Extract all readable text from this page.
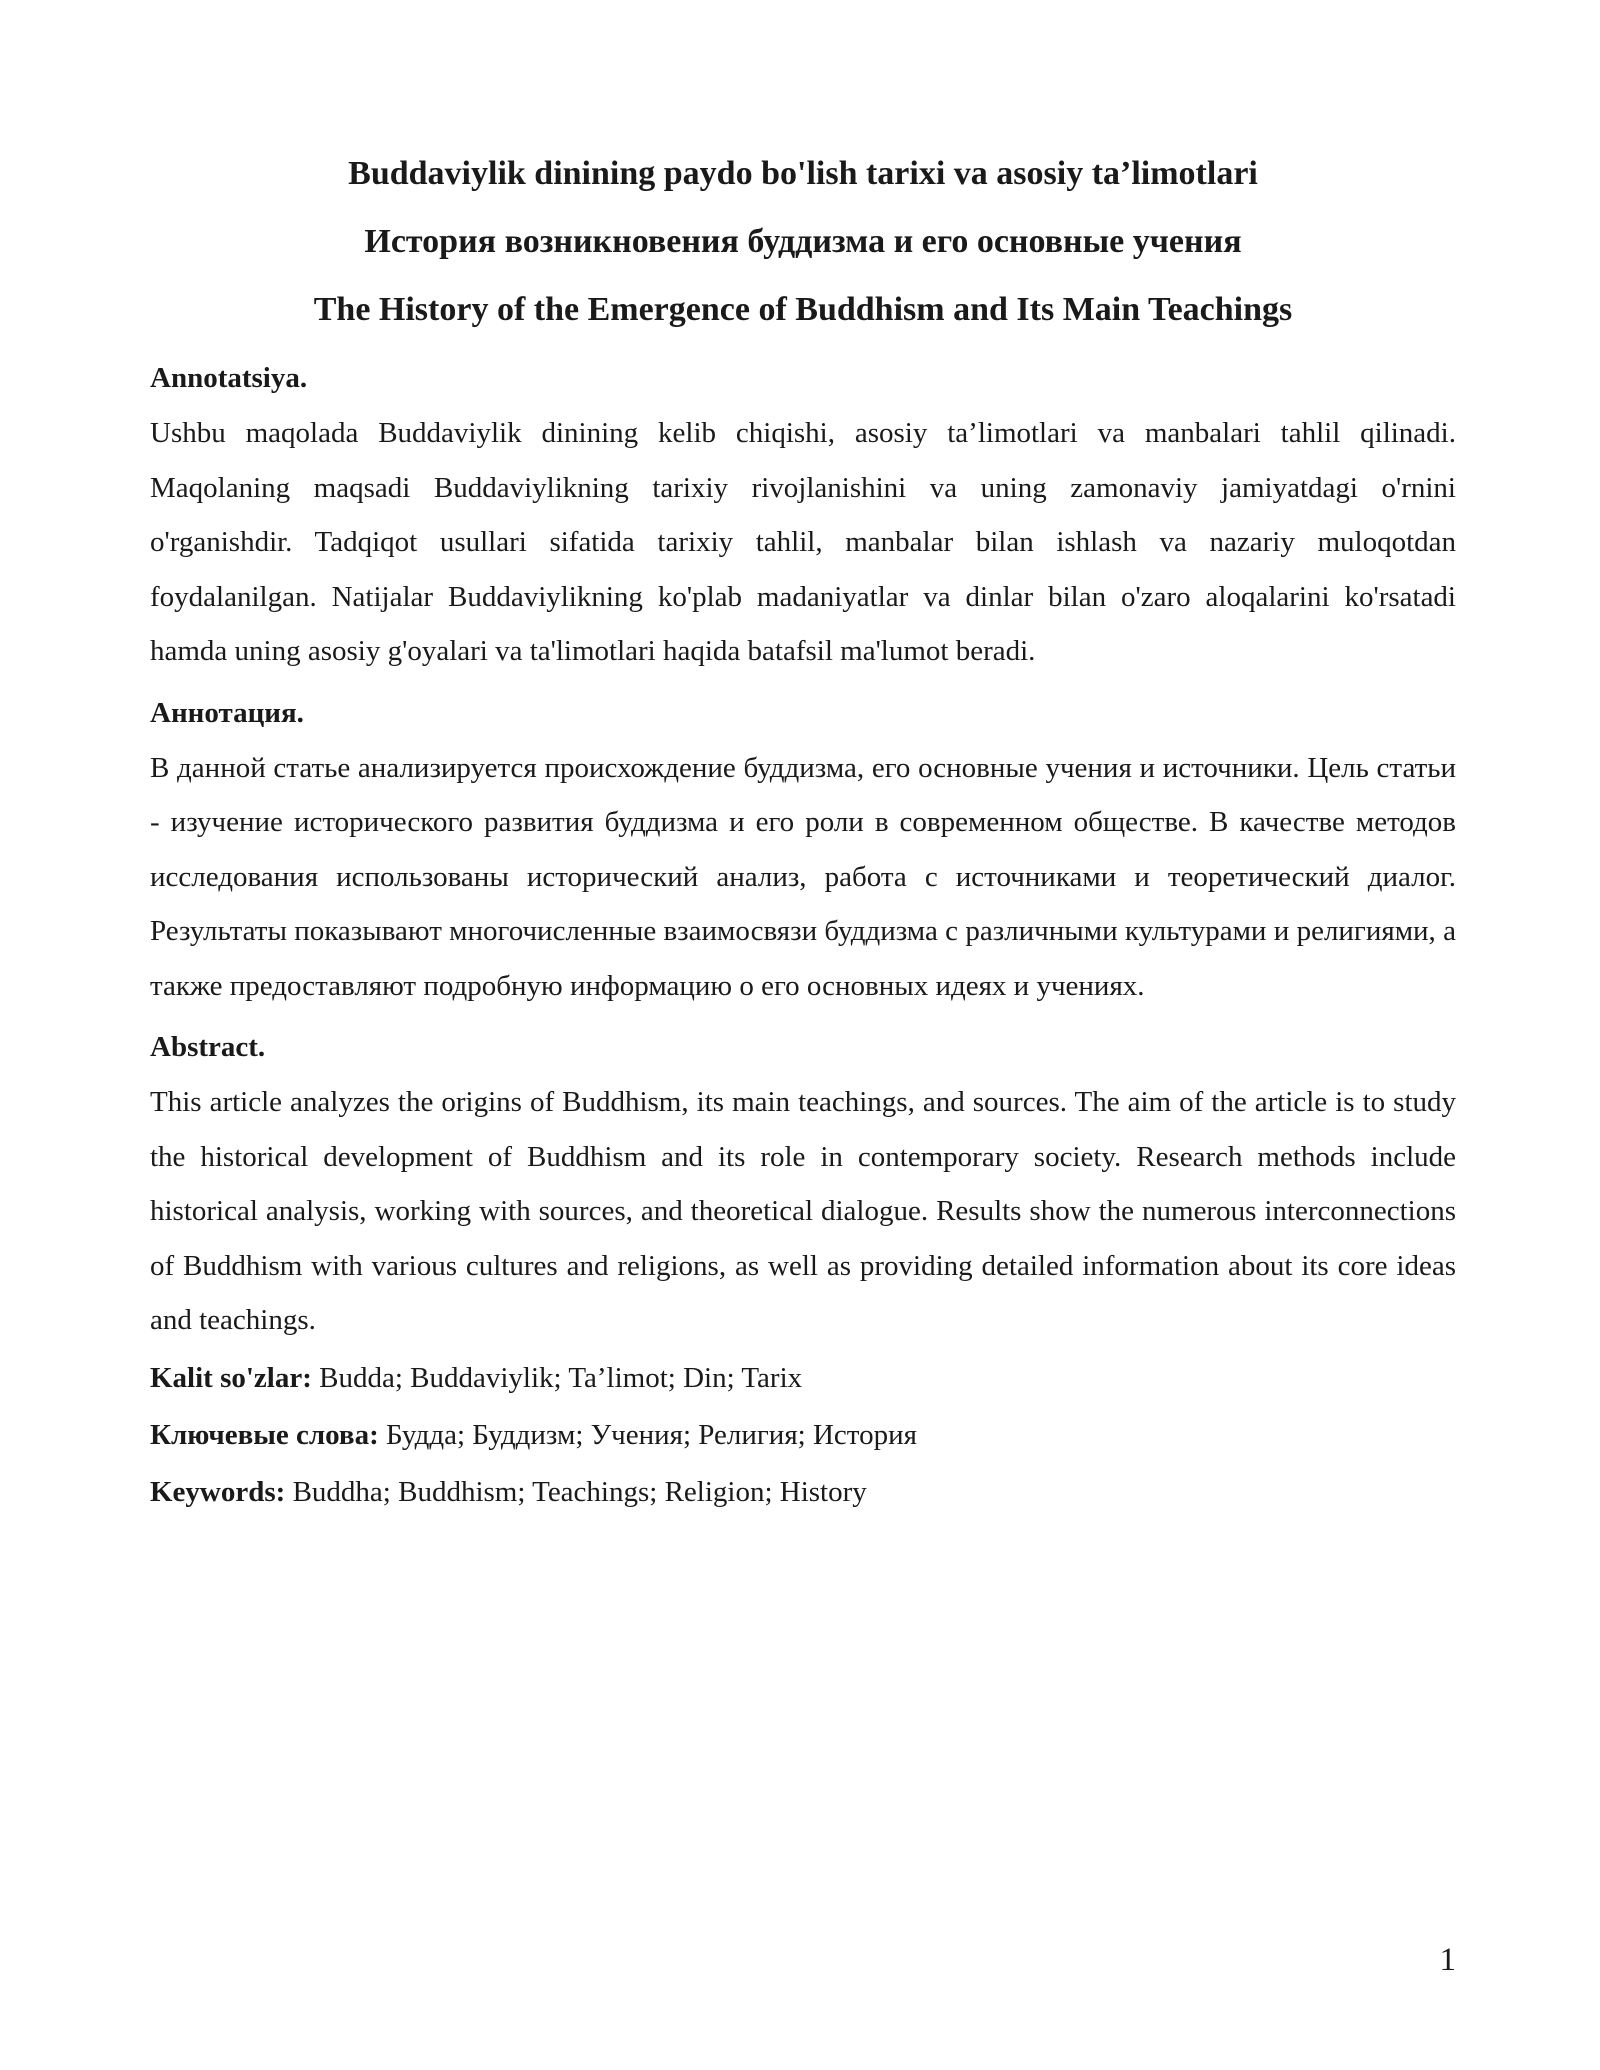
Buddaviylik dinining paydo bo'lish tarixi va asosiy ta’limotlari
История возникновения буддизма и его основные учения
The History of the Emergence of Buddhism and Its Main Teachings

Annotatsiya.

Ushbu maqolada Buddaviylik dinining kelib chiqishi, asosiy ta’limotlari va manbalari tahlil qilinadi. Maqolaning maqsadi Buddaviylikning tarixiy rivojlanishini va uning zamonaviy jamiyatdagi o'rnini o'rganishdir. Tadqiqot usullari sifatida tarixiy tahlil, manbalar bilan ishlash va nazariy muloqotdan foydalanilgan. Natijalar Buddaviylikning ko'plab madaniyatlar va dinlar bilan o'zaro aloqalarini ko'rsatadi hamda uning asosiy g'oyalari va ta'limotlari haqida batafsil ma'lumot beradi.

Аннотация.

В данной статье анализируется происхождение буддизма, его основные учения и источники. Цель статьи - изучение исторического развития буддизма и его роли в современном обществе. В качестве методов исследования использованы исторический анализ, работа с источниками и теоретический диалог. Результаты показывают многочисленные взаимосвязи буддизма с различными культурами и религиями, а также предоставляют подробную информацию о его основных идеях и учениях.

Abstract.

This article analyzes the origins of Buddhism, its main teachings, and sources. The aim of the article is to study the historical development of Buddhism and its role in contemporary society. Research methods include historical analysis, working with sources, and theoretical dialogue. Results show the numerous interconnections of Buddhism with various cultures and religions, as well as providing detailed information about its core ideas and teachings.

Kalit so'zlar: Budda; Buddaviylik; Ta’limot; Din; Tarix

Ключевые слова: Будда; Буддизм; Учения; Религия; История

Keywords: Buddha; Buddhism; Teachings; Religion; History

1
